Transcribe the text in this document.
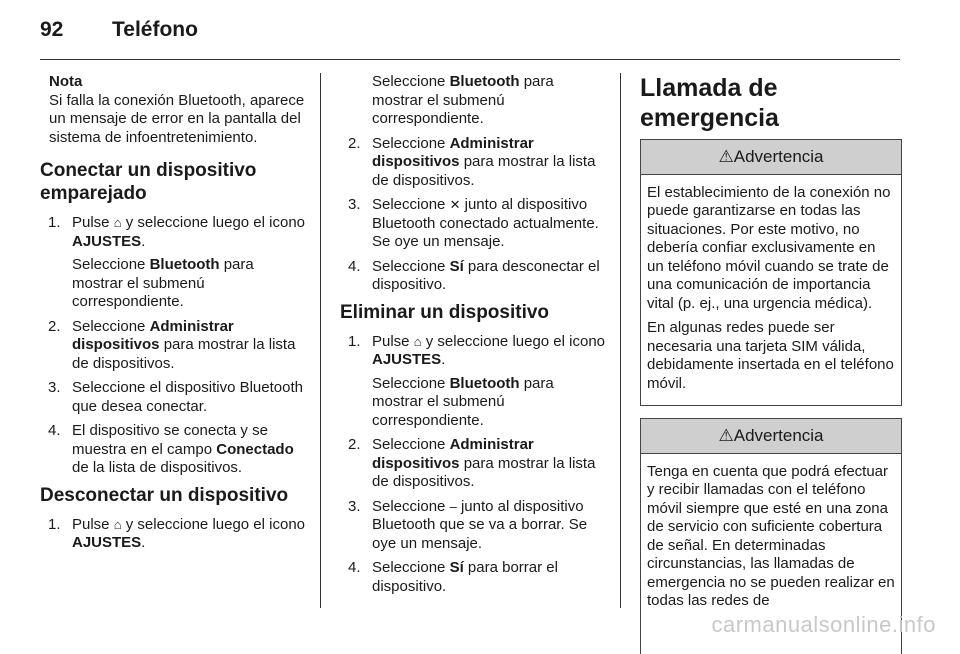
92 Teléfono
Nota
Si falla la conexión Bluetooth, aparece un mensaje de error en la pantalla del sistema de infoentretenimiento.
Conectar un dispositivo emparejado
1. Pulse ⌂ y seleccione luego el icono AJUSTES.
Seleccione Bluetooth para mostrar el submenú correspondiente.
2. Seleccione Administrar dispositivos para mostrar la lista de dispositivos.
3. Seleccione el dispositivo Bluetooth que desea conectar.
4. El dispositivo se conecta y se muestra en el campo Conectado de la lista de dispositivos.
Desconectar un dispositivo
1. Pulse ⌂ y seleccione luego el icono AJUSTES.
Seleccione Bluetooth para mostrar el submenú correspondiente.
2. Seleccione Administrar dispositivos para mostrar la lista de dispositivos.
3. Seleccione ✕ junto al dispositivo Bluetooth conectado actualmente. Se oye un mensaje.
4. Seleccione Sí para desconectar el dispositivo.
Eliminar un dispositivo
1. Pulse ⌂ y seleccione luego el icono AJUSTES.
Seleccione Bluetooth para mostrar el submenú correspondiente.
2. Seleccione Administrar dispositivos para mostrar la lista de dispositivos.
3. Seleccione – junto al dispositivo Bluetooth que se va a borrar. Se oye un mensaje.
4. Seleccione Sí para borrar el dispositivo.
Llamada de emergencia
⚠Advertencia

El establecimiento de la conexión no puede garantizarse en todas las situaciones. Por este motivo, no debería confiar exclusivamente en un teléfono móvil cuando se trate de una comunicación de importancia vital (p. ej., una urgencia médica).

En algunas redes puede ser necesaria una tarjeta SIM válida, debidamente insertada en el teléfono móvil.

⚠Advertencia

Tenga en cuenta que podrá efectuar y recibir llamadas con el teléfono móvil siempre que esté en una zona de servicio con suficiente cobertura de señal. En determinadas circunstancias, las llamadas de emergencia no se pueden realizar en todas las redes de

carmanualsonline.info
